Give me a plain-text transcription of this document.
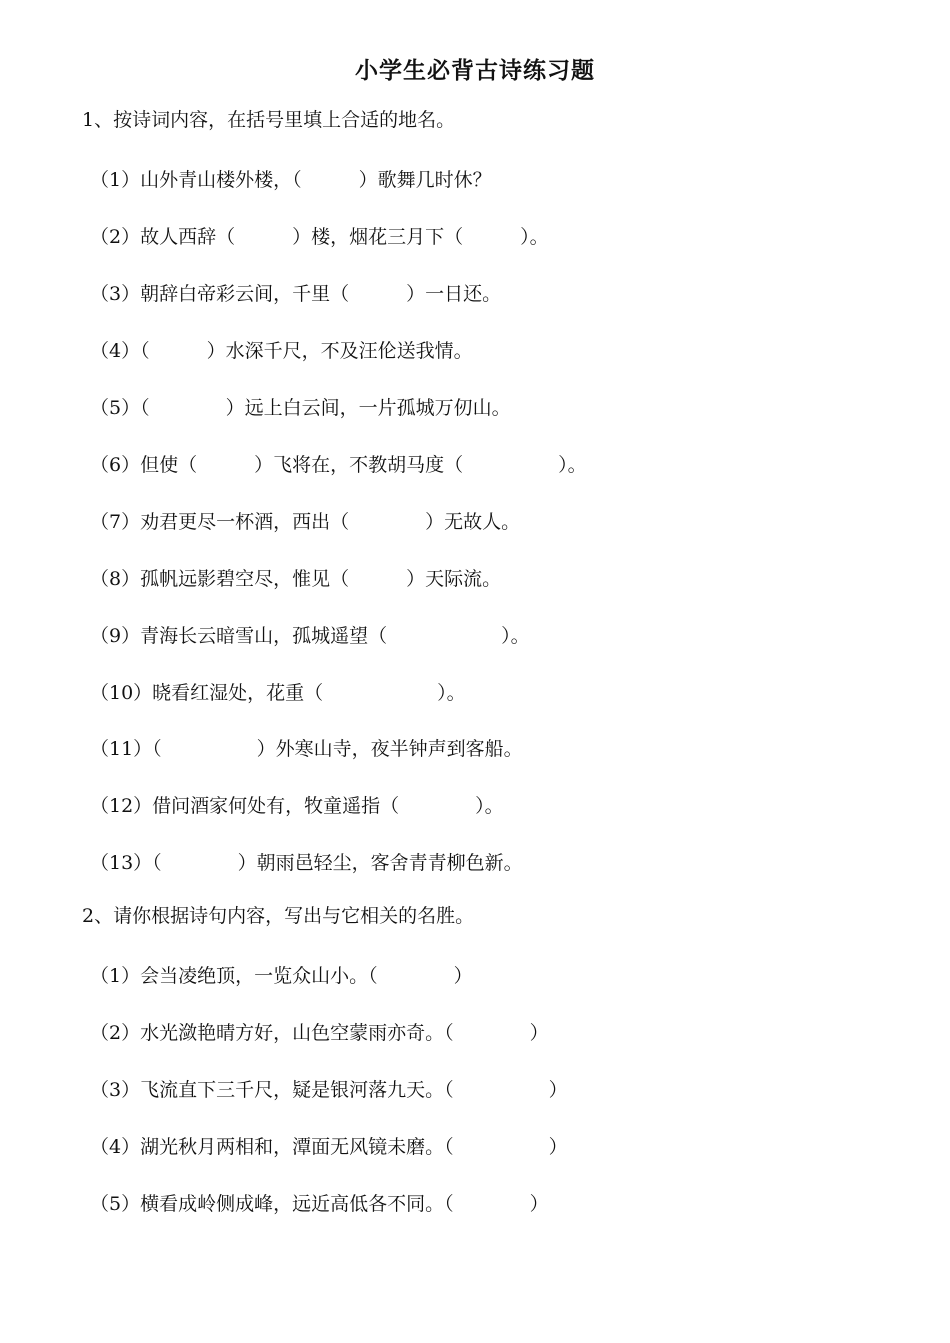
小学生必背古诗练习题
1、按诗词内容，在括号里填上合适的地名。
（1）山外青山楼外楼，（　　　）歌舞几时休？
（2）故人西辞（　　　）楼，烟花三月下（　　　）。
（3）朝辞白帝彩云间，千里（　　　）一日还。
（4）（　　　）水深千尺，不及汪伦送我情。
（5）（　　　　）远上白云间，一片孤城万仞山。
（6）但使（　　　）飞将在，不教胡马度（　　　　　）。
（7）劝君更尽一杯酒，西出（　　　　）无故人。
（8）孤帆远影碧空尽，惟见（　　　）天际流。
（9）青海长云暗雪山，孤城遥望（　　　　　　）。
（10）晓看红湿处，花重（　　　　　　）。
（11）（　　　　　）外寒山寺，夜半钟声到客船。
（12）借问酒家何处有，牧童遥指（　　　　）。
（13）（　　　　）朝雨邑轻尘，客舍青青柳色新。
2、请你根据诗句内容，写出与它相关的名胜。
（1）会当凌绝顶，一览众山小。（　　　　）
（2）水光潋艳晴方好，山色空蒙雨亦奇。（　　　　）
（3）飞流直下三千尺，疑是银河落九天。（　　　　　）
（4）湖光秋月两相和，潭面无风镜未磨。（　　　　　）
（5）横看成岭侧成峰，远近高低各不同。（　　　　）
